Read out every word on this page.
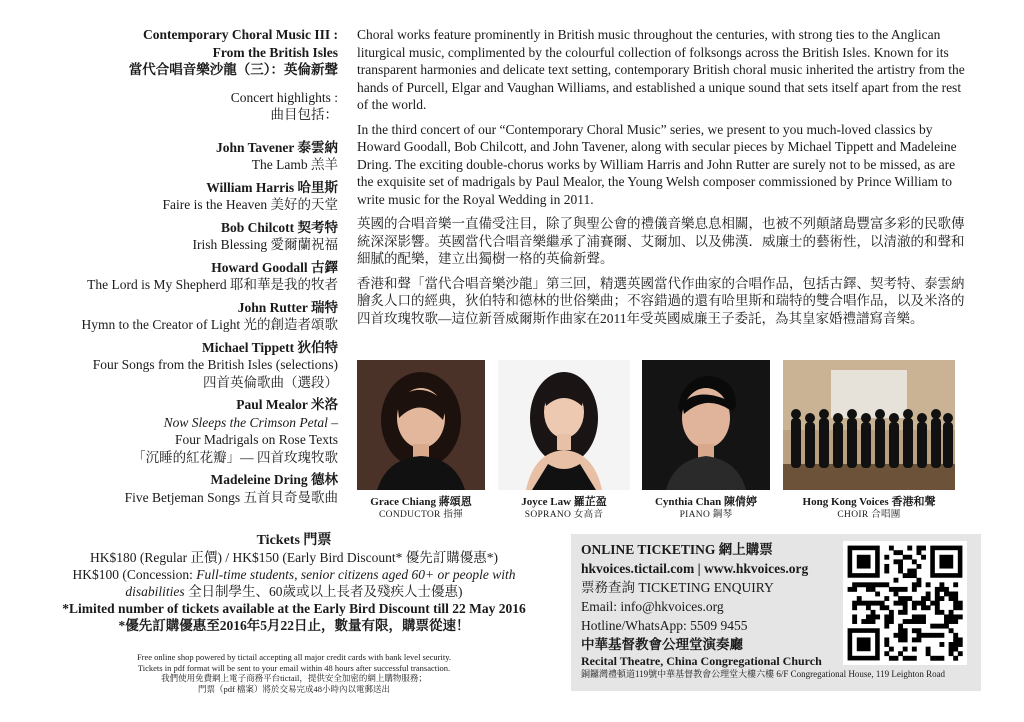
Contemporary Choral Music III :
From the British Isles
當代合唱音樂沙龍（三）：英倫新聲
Concert highlights :
曲目包括：
John Tavener 泰雲納
The Lamb 羔羊
William Harris 哈里斯
Faire is the Heaven 美好的天堂
Bob Chilcott 契考特
Irish Blessing 愛爾蘭祝福
Howard Goodall 古鐸
The Lord is My Shepherd 耶和華是我的牧者
John Rutter 瑞特
Hymn to the Creator of Light 光的創造者頌歌
Michael Tippett 狄伯特
Four Songs from the British Isles (selections)
四首英倫歌曲（選段）
Paul Mealor 米洛
Now Sleeps the Crimson Petal –
Four Madrigals on Rose Texts
「沉睡的紅花瓣」— 四首玫瑰牧歌
Madeleine Dring 德林
Five Betjeman Songs 五首貝奇曼歌曲

Choral works feature prominently in British music throughout the centuries, with strong ties to the Anglican liturgical music, complimented by the colourful collection of folksongs across the British Isles. Known for its transparent harmonies and delicate text setting, contemporary British choral music inherited the artistry from the hands of Purcell, Elgar and Vaughan Williams, and established a unique sound that sets itself apart from the rest of the world.

In the third concert of our “Contemporary Choral Music” series, we present to you much-loved classics by Howard Goodall, Bob Chilcott, and John Tavener, along with secular pieces by Michael Tippett and Madeleine Dring. The exciting double-chorus works by William Harris and John Rutter are surely not to be missed, as are the exquisite set of madrigals by Paul Mealor, the Young Welsh composer commissioned by Prince William to write music for the Royal Wedding in 2011.

英國的合唱音樂一直備受注目，除了與聖公會的禮儀音樂息息相關，也被不列顛諸島豐富多彩的民歌傳統深深影響。英國當代合唱音樂繼承了浦賽爾、艾爾加、以及佛漢．威廉士的藝術性，以清澈的和聲和細膩的配樂，建立出獨樹一格的英倫新聲。

香港和聲「當代合唱音樂沙龍」第三回，精選英國當代作曲家的合唱作品，包括古鐸、契考特、泰雲納膾炙人口的經典，狄伯特和德林的世俗樂曲；不容錯過的還有哈里斯和瑞特的雙合唱作品，以及米洛的四首玫瑰牧歌—這位新晉威爾斯作曲家在2011年受英國威廉王子委託，為其皇家婚禮譜寫音樂。

Grace Chiang 蔣頌恩
CONDUCTOR 指揮
Joyce Law 羅芷盈
SOPRANO 女高音
Cynthia Chan 陳倩婷
PIANO 鋼琴
Hong Kong Voices 香港和聲
CHOIR 合唱團
Tickets 門票
HK$180 (Regular 正價) / HK$150 (Early Bird Discount* 優先訂購優惠*)
HK$100 (Concession: Full-time students, senior citizens aged 60+ or people with
disabilities 全日制學生、60歲或以上長者及殘疾人士優惠)
*Limited number of tickets available at the Early Bird Discount till 22 May 2016
*優先訂購優惠至2016年5月22日止，數量有限，購票從速！
Free online shop powered by tictail accepting all major credit cards with bank level security.
Tickets in pdf format will be sent to your email within 48 hours after successful transaction.
我們使用免費網上電子商務平台tictail，提供安全加密的網上購物服務；
門票（pdf 檔案）將於交易完成48小時內以電郵送出
ONLINE TICKETING 網上購票
hkvoices.tictail.com | www.hkvoices.org
票務查詢 TICKETING ENQUIRY
Email: info@hkvoices.org
Hotline/WhatsApp: 5509 9455
中華基督教會公理堂演奏廳
Recital Theatre, China Congregational Church
銅鑼灣禮頓道119號中華基督教會公理堂大樓六樓 6/F Congregational House, 119 Leighton Road
